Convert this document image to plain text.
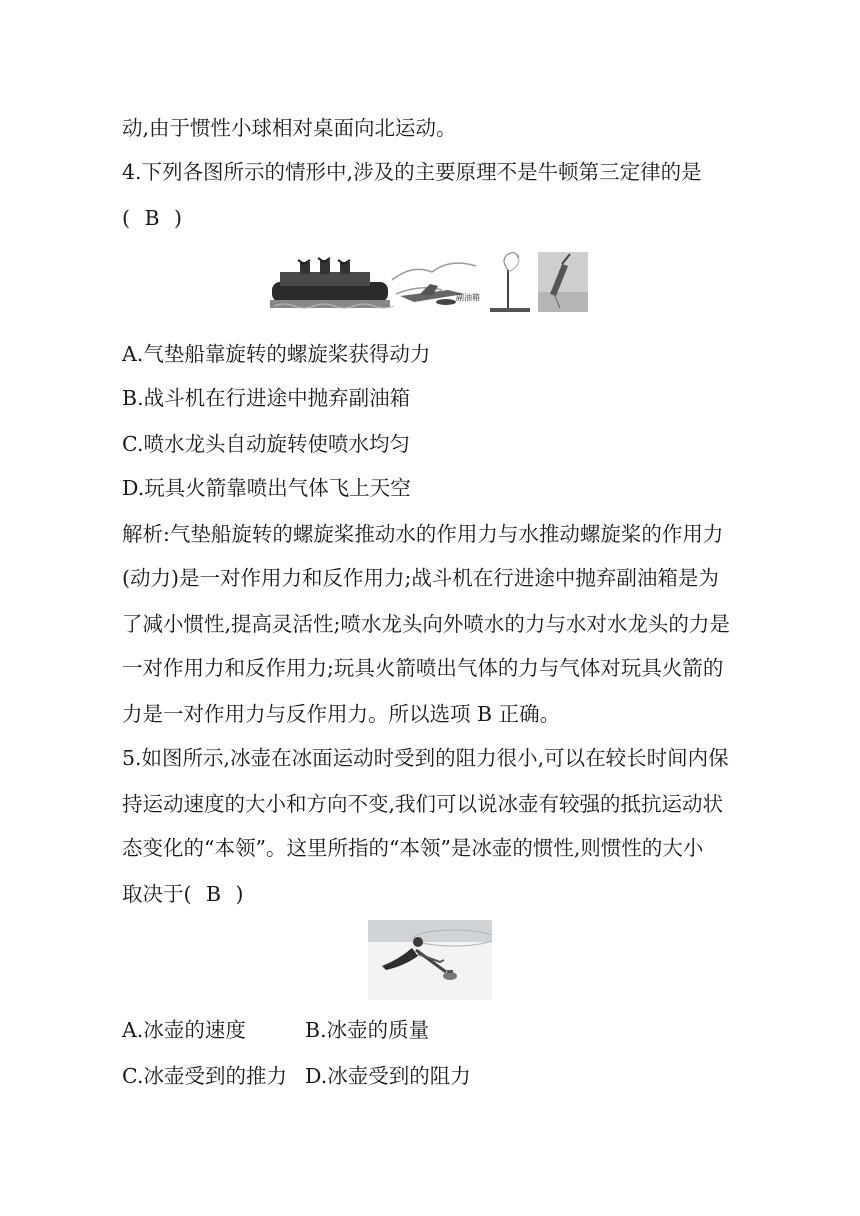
动,由于惯性小球相对桌面向北运动。
4.下列各图所示的情形中,涉及的主要原理不是牛顿第三定律的是
( B )
副油箱
A.气垫船靠旋转的螺旋桨获得动力
B.战斗机在行进途中抛弃副油箱
C.喷水龙头自动旋转使喷水均匀
D.玩具火箭靠喷出气体飞上天空
解析:气垫船旋转的螺旋桨推动水的作用力与水推动螺旋桨的作用力
(动力)是一对作用力和反作用力;战斗机在行进途中抛弃副油箱是为
了减小惯性,提高灵活性;喷水龙头向外喷水的力与水对水龙头的力是
一对作用力和反作用力;玩具火箭喷出气体的力与气体对玩具火箭的
力是一对作用力与反作用力。所以选项 B 正确。
5.如图所示,冰壶在冰面运动时受到的阻力很小,可以在较长时间内保
持运动速度的大小和方向不变,我们可以说冰壶有较强的抵抗运动状
态变化的“本领”。这里所指的“本领”是冰壶的惯性,则惯性的大小
取决于( B )
A.冰壶的速度	B.冰壶的质量
C.冰壶受到的推力 D.冰壶受到的阻力
